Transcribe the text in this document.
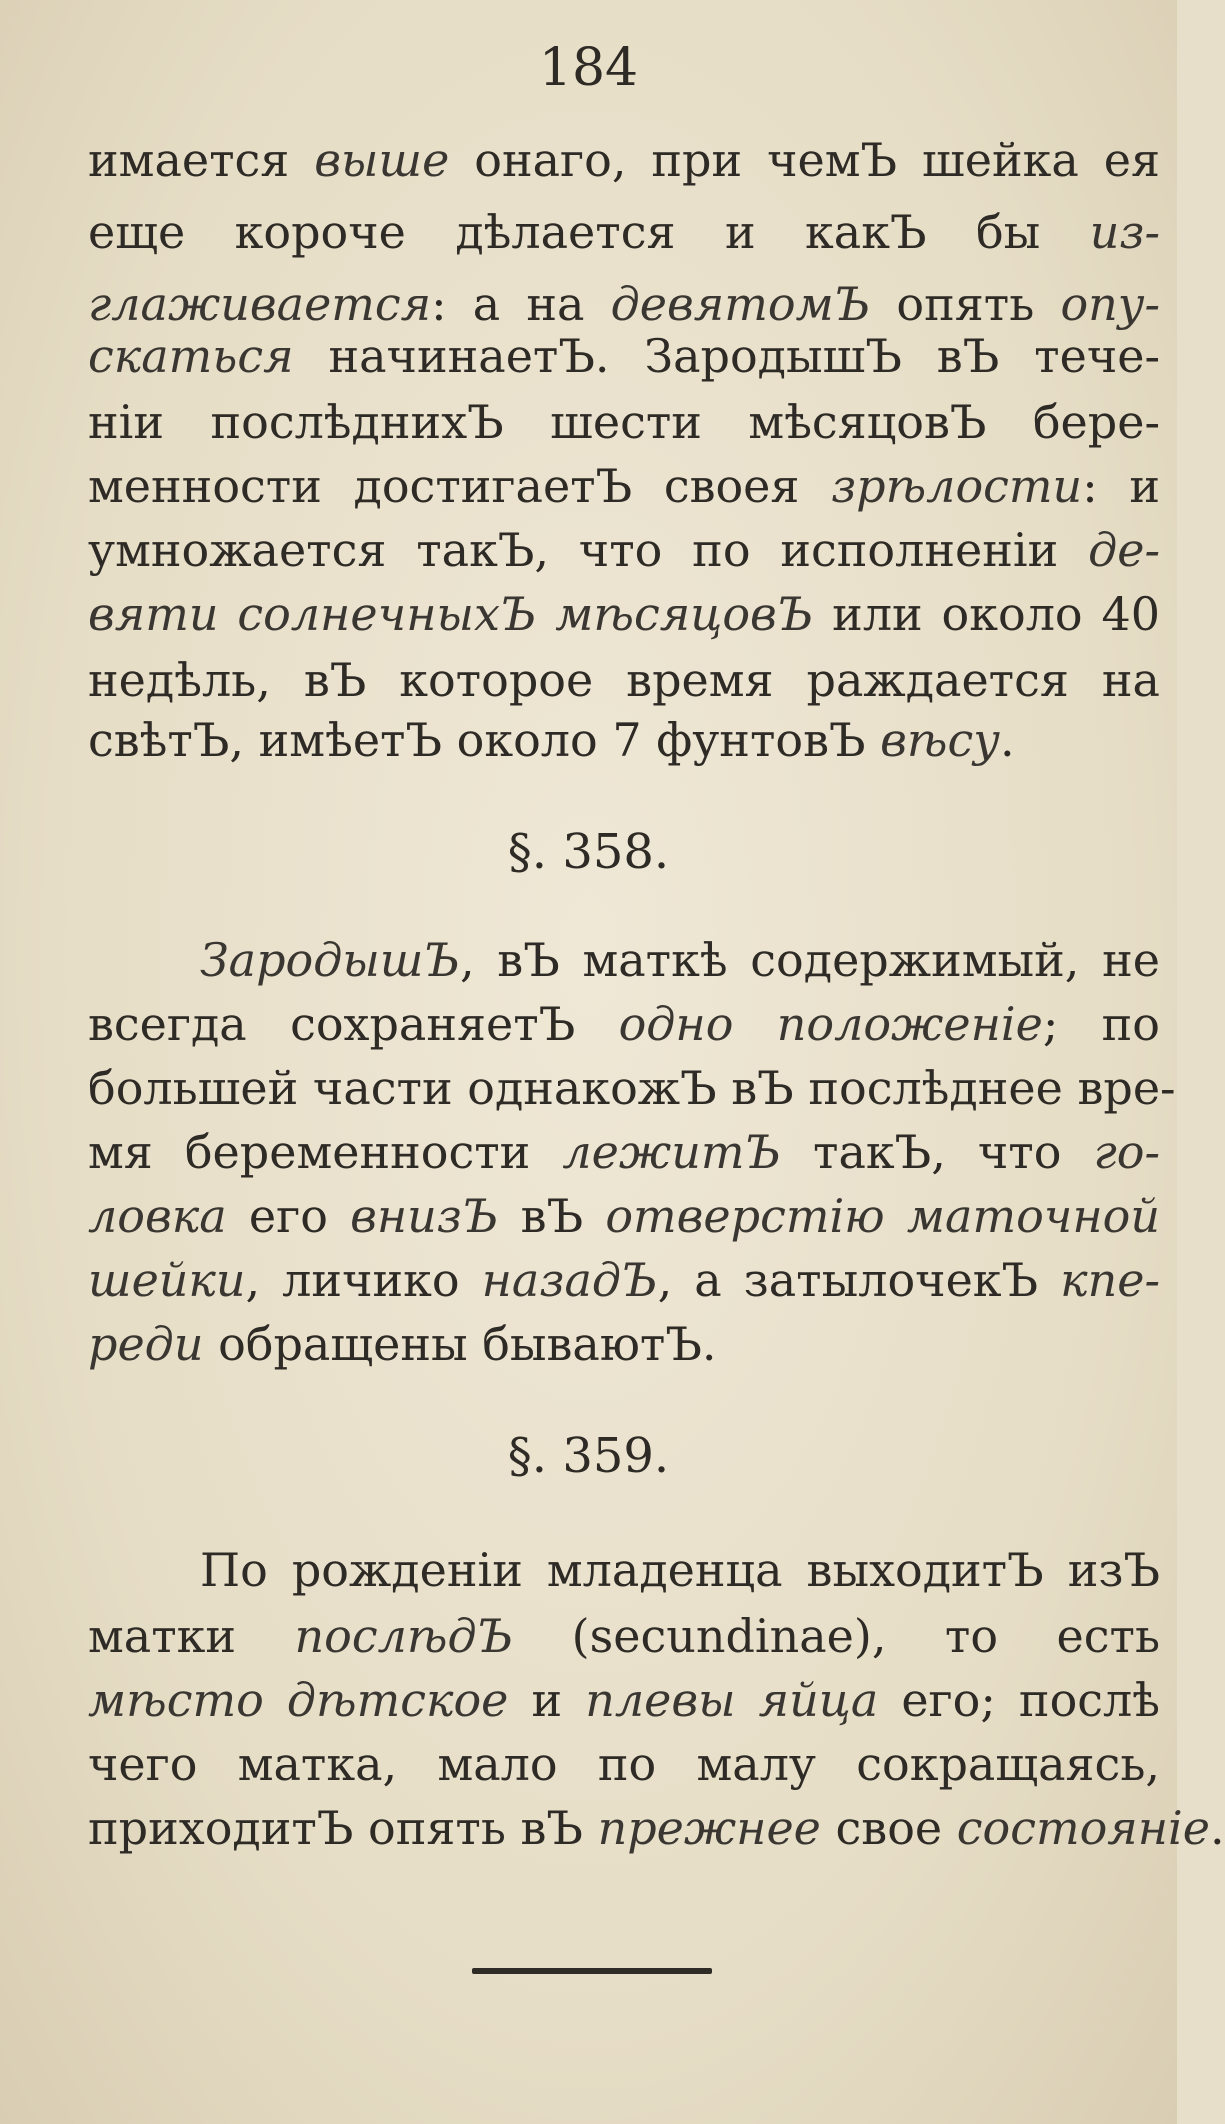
184
имается выше онаго, при чемЪ шейка ея
еще короче дѣлается и какЪ бы из-
глаживается: а на девятомЪ опять опу-
скаться начинаетЪ. ЗародышЪ вЪ тече-
нiи послѣднихЪ шести мѣсяцовЪ бере-
менности достигаетЪ своея зрѣлости: и
умножается такЪ, что по исполненiи де-
вяти солнечныхЪ мѣсяцовЪ или около 40
недѣль, вЪ которое время раждается на
свѣтЪ, имѣетЪ около 7 фунтовЪ вѣсу.
§. 358.
ЗародышЪ, вЪ маткѣ содержимый, не
всегда сохраняетЪ одно положенiе; по
большей части однакожЪ вЪ послѣднее вре-
мя беременности лежитЪ такЪ, что го-
ловка его внизЪ вЪ отверстiю маточной
шейки, личико назадЪ, а затылочекЪ кпе-
реди обращены бываютЪ.
§. 359.
По рожденiи младенца выходитЪ изЪ
матки послѣдЪ (secundinae), то есть
мѣсто дѣтское и плевы яйца его; послѣ
чего матка, мало по малу сокращаясь,
приходитЪ опять вЪ прежнее свое состоянiе.
